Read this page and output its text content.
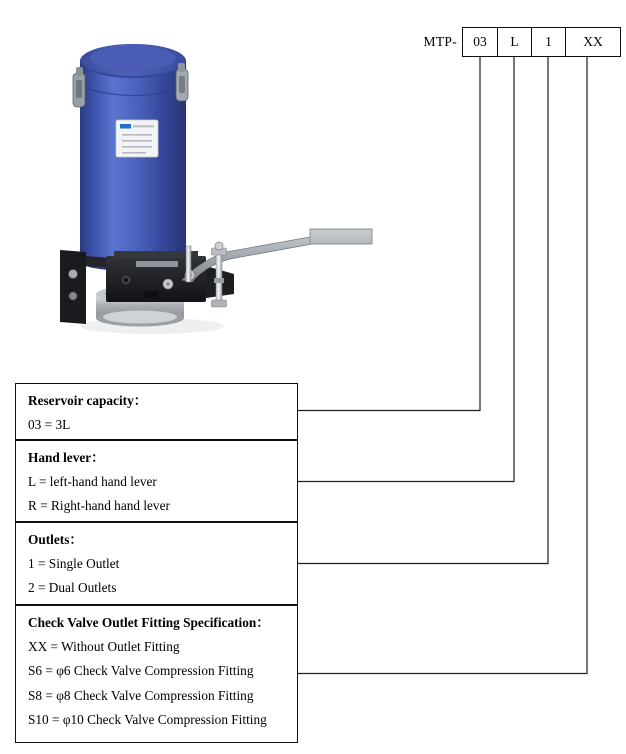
MTP-	03	L	1	XX
Reservoir capacity：
03 = 3L
Hand lever：
L = left-hand hand lever
R = Right-hand hand lever
Outlets：
1 = Single Outlet
2 = Dual Outlets
Check Valve Outlet Fitting Specification：
XX = Without Outlet Fitting
S6 = φ6 Check Valve Compression Fitting
S8 = φ8 Check Valve Compression Fitting
S10 = φ10 Check Valve Compression Fitting
